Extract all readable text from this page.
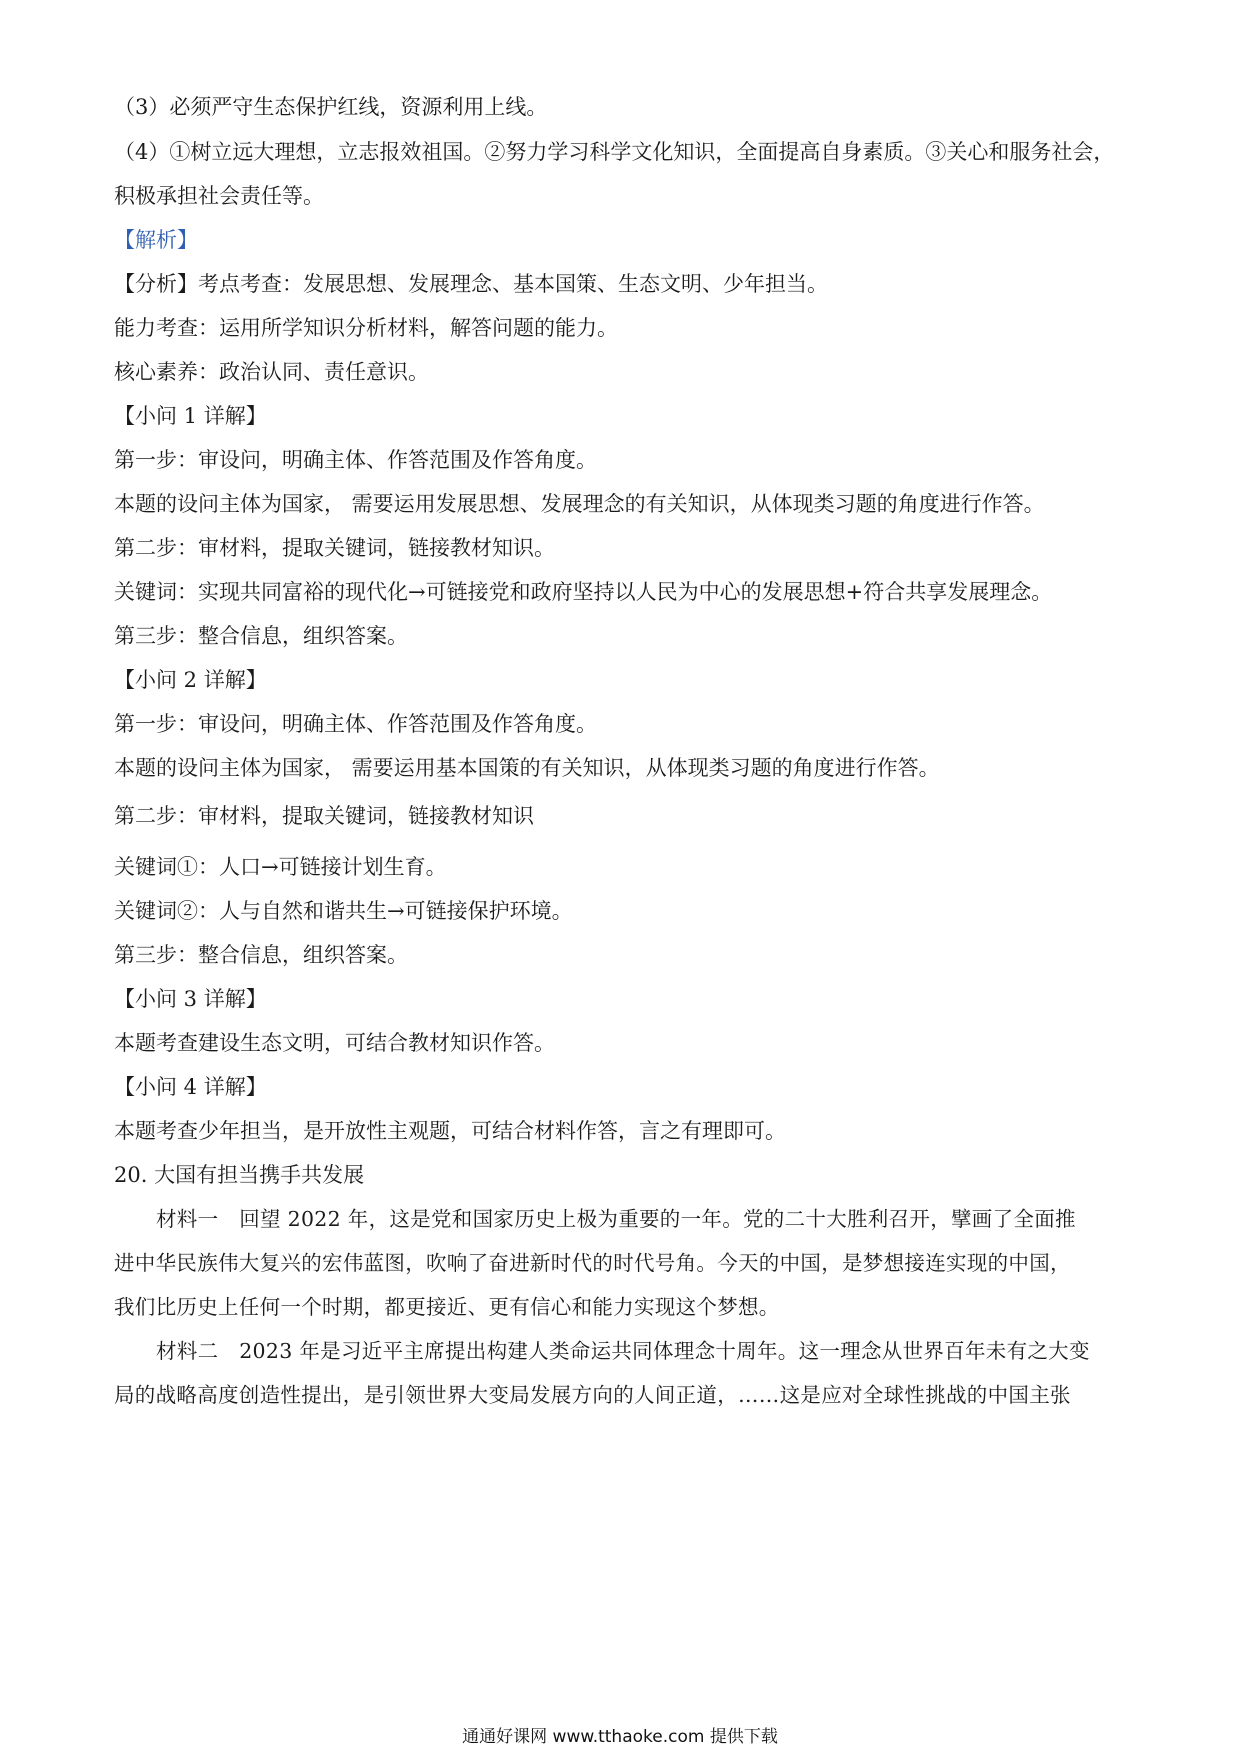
（3）必须严守生态保护红线，资源利用上线。
（4）①树立远大理想，立志报效祖国。②努力学习科学文化知识，全面提高自身素质。③关心和服务社会，
积极承担社会责任等。
【解析】
【分析】考点考查：发展思想、发展理念、基本国策、生态文明、少年担当。
能力考查：运用所学知识分析材料，解答问题的能力。
核心素养：政治认同、责任意识。
【小问 1 详解】
第一步：审设问，明确主体、作答范围及作答角度。
本题的设问主体为国家， 需要运用发展思想、发展理念的有关知识，从体现类习题的角度进行作答。
第二步：审材料，提取关键词，链接教材知识。
关键词：实现共同富裕的现代化→可链接党和政府坚持以人民为中心的发展思想+符合共享发展理念。
第三步：整合信息，组织答案。
【小问 2 详解】
第一步：审设问，明确主体、作答范围及作答角度。
本题的设问主体为国家， 需要运用基本国策的有关知识，从体现类习题的角度进行作答。
第二步：审材料，提取关键词，链接教材知识
关键词①：人口→可链接计划生育。
关键词②：人与自然和谐共生→可链接保护环境。
第三步：整合信息，组织答案。
【小问 3 详解】
本题考查建设生态文明，可结合教材知识作答。
【小问 4 详解】
本题考查少年担当，是开放性主观题，可结合材料作答，言之有理即可。
20. 大国有担当携手共发展
材料一　回望 2022 年，这是党和国家历史上极为重要的一年。党的二十大胜利召开，擘画了全面推
进中华民族伟大复兴的宏伟蓝图，吹响了奋进新时代的时代号角。今天的中国，是梦想接连实现的中国，
我们比历史上任何一个时期，都更接近、更有信心和能力实现这个梦想。
材料二　2023 年是习近平主席提出构建人类命运共同体理念十周年。这一理念从世界百年未有之大变
局的战略高度创造性提出，是引领世界大变局发展方向的人间正道，……这是应对全球性挑战的中国主张
通通好课网 www.tthaoke.com 提供下载
